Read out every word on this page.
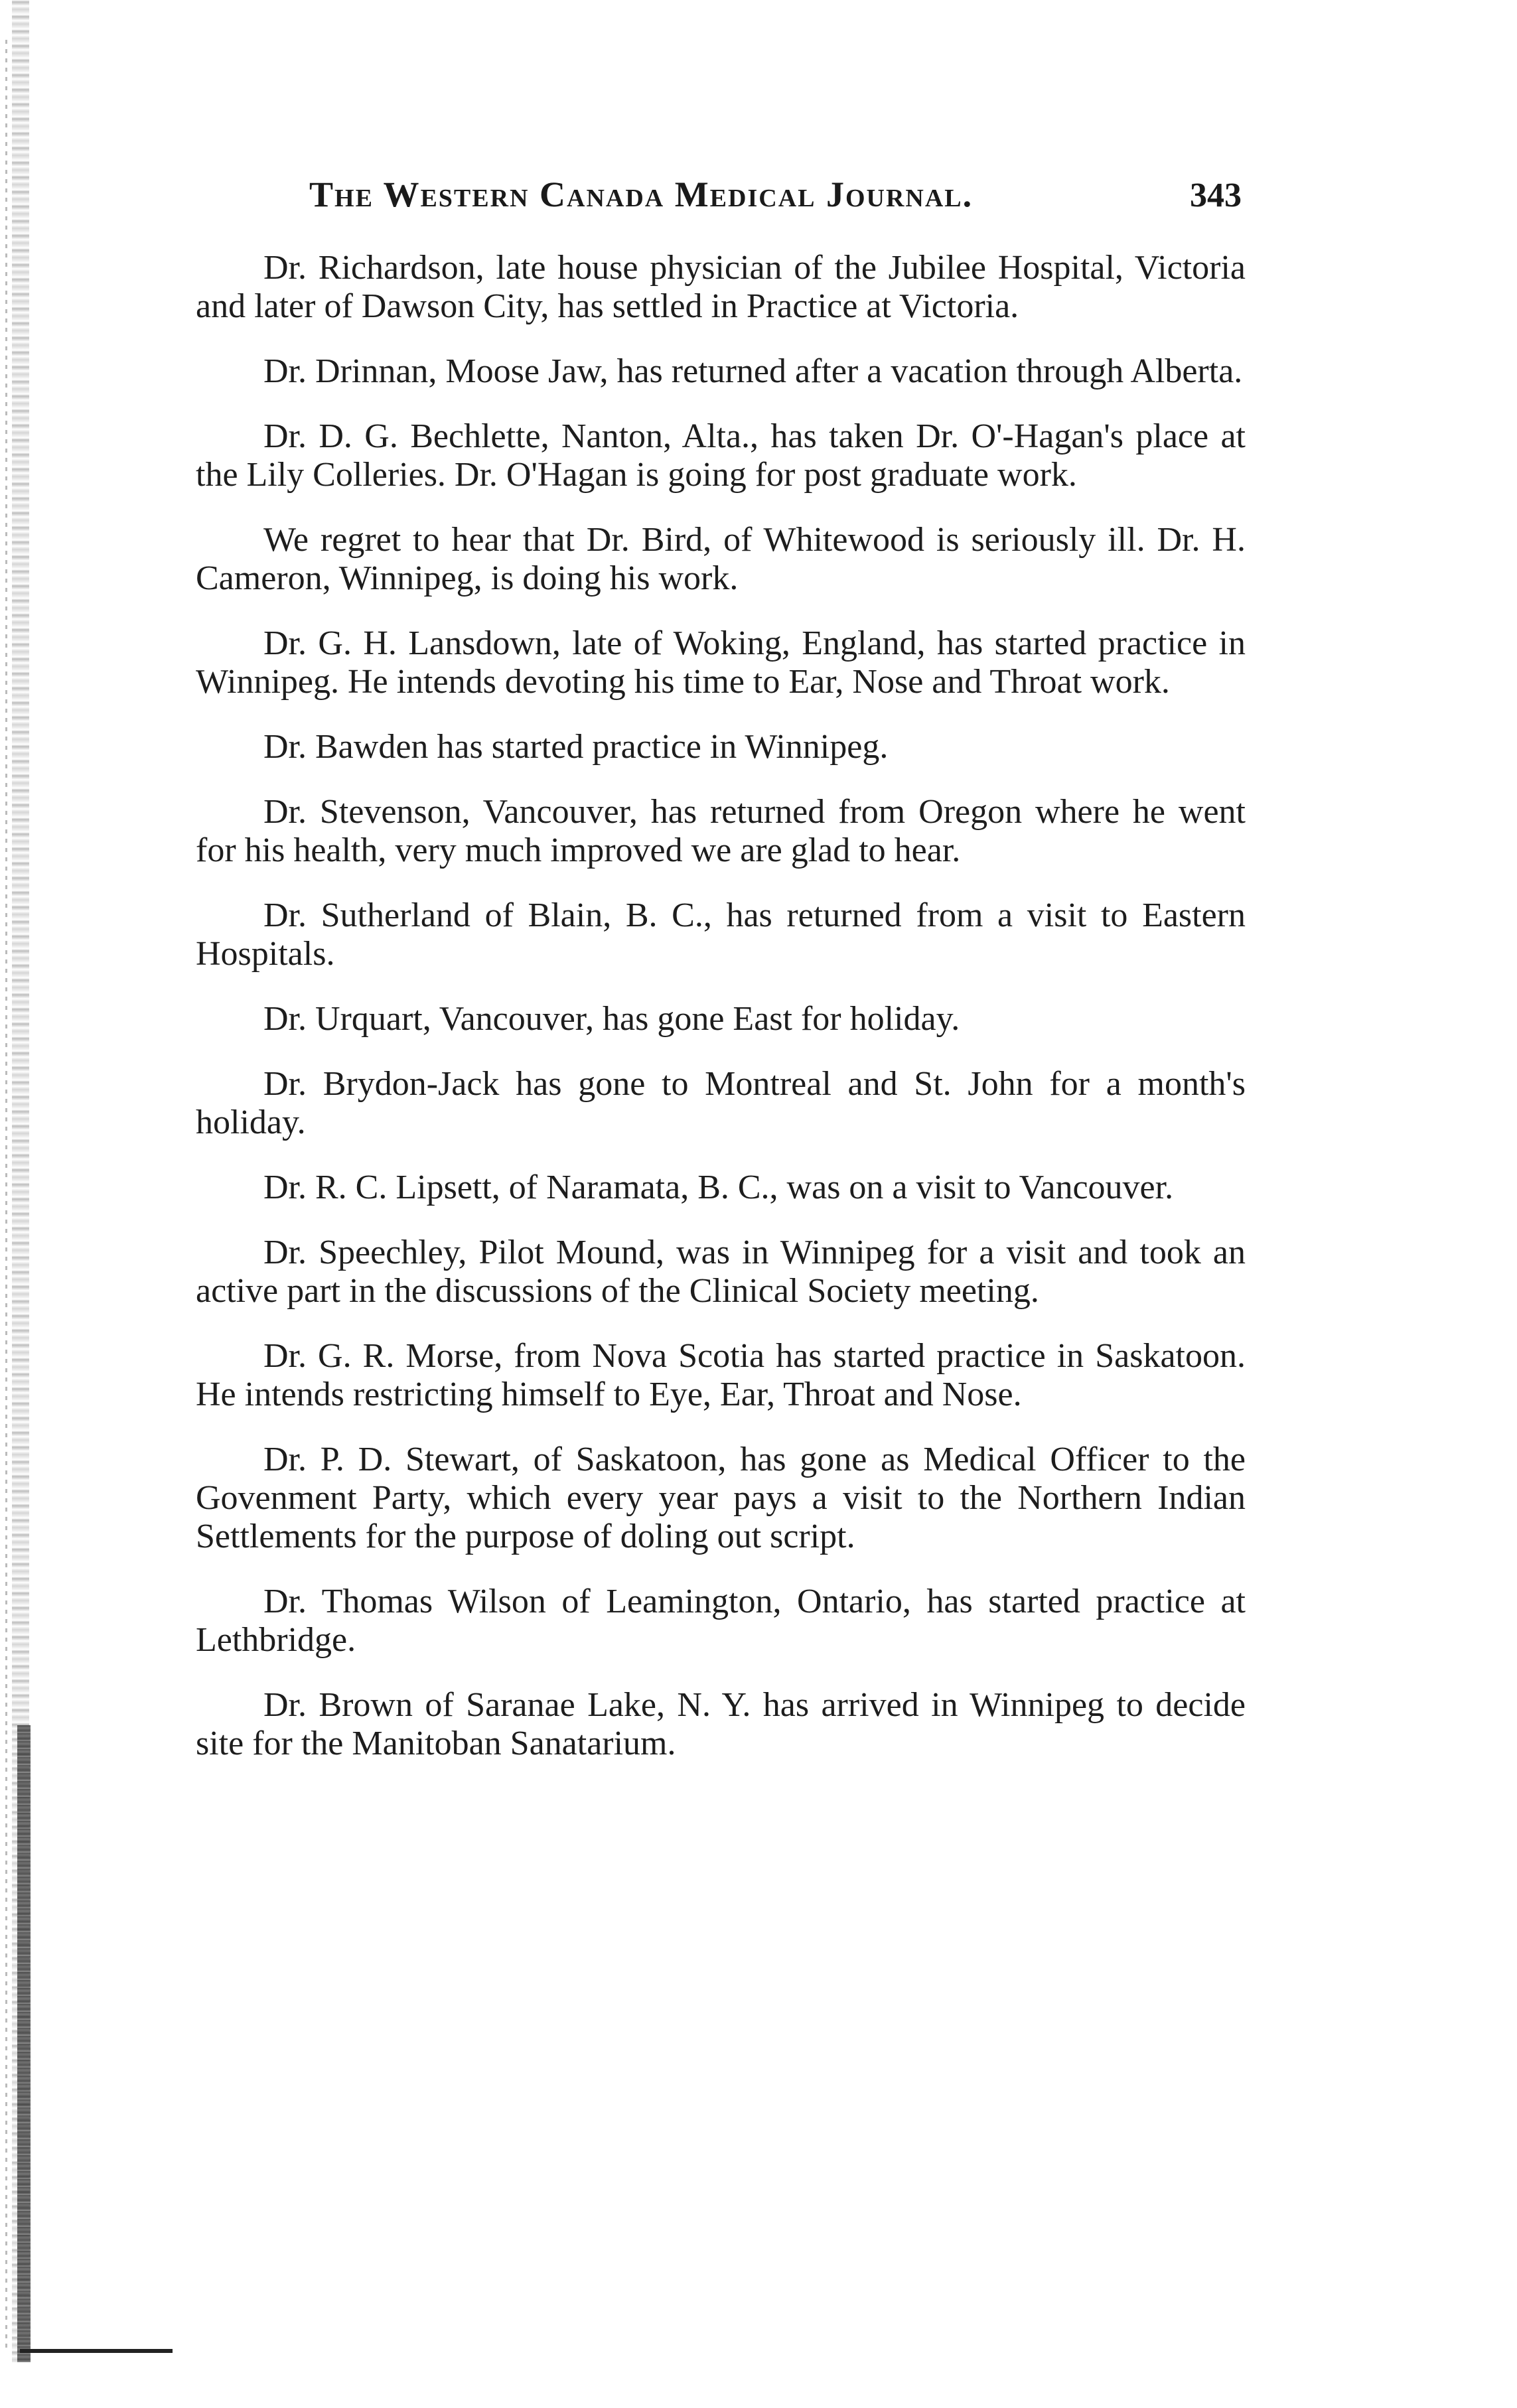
The Western Canada Medical Journal.	343

Dr. Richardson, late house physician of the Jubilee Hospital, Victoria and later of Dawson City, has settled in Practice at Victoria.

Dr. Drinnan, Moose Jaw, has returned after a vacation through Alberta.

Dr. D. G. Bechlette, Nanton, Alta., has taken Dr. O'-Hagan's place at the Lily Colleries. Dr. O'Hagan is going for post graduate work.

We regret to hear that Dr. Bird, of Whitewood is seriously ill. Dr. H. Cameron, Winnipeg, is doing his work.

Dr. G. H. Lansdown, late of Woking, England, has started practice in Winnipeg. He intends devoting his time to Ear, Nose and Throat work.

Dr. Bawden has started practice in Winnipeg.

Dr. Stevenson, Vancouver, has returned from Oregon where he went for his health, very much improved we are glad to hear.

Dr. Sutherland of Blain, B. C., has returned from a visit to Eastern Hospitals.

Dr. Urquart, Vancouver, has gone East for holiday.

Dr. Brydon-Jack has gone to Montreal and St. John for a month's holiday.

Dr. R. C. Lipsett, of Naramata, B. C., was on a visit to Vancouver.

Dr. Speechley, Pilot Mound, was in Winnipeg for a visit and took an active part in the discussions of the Clinical Society meeting.

Dr. G. R. Morse, from Nova Scotia has started practice in Saskatoon. He intends restricting himself to Eye, Ear, Throat and Nose.

Dr. P. D. Stewart, of Saskatoon, has gone as Medical Officer to the Govenment Party, which every year pays a visit to the Northern Indian Settlements for the purpose of doling out script.

Dr. Thomas Wilson of Leamington, Ontario, has started practice at Lethbridge.

Dr. Brown of Saranae Lake, N. Y. has arrived in Winnipeg to decide site for the Manitoban Sanatarium.
